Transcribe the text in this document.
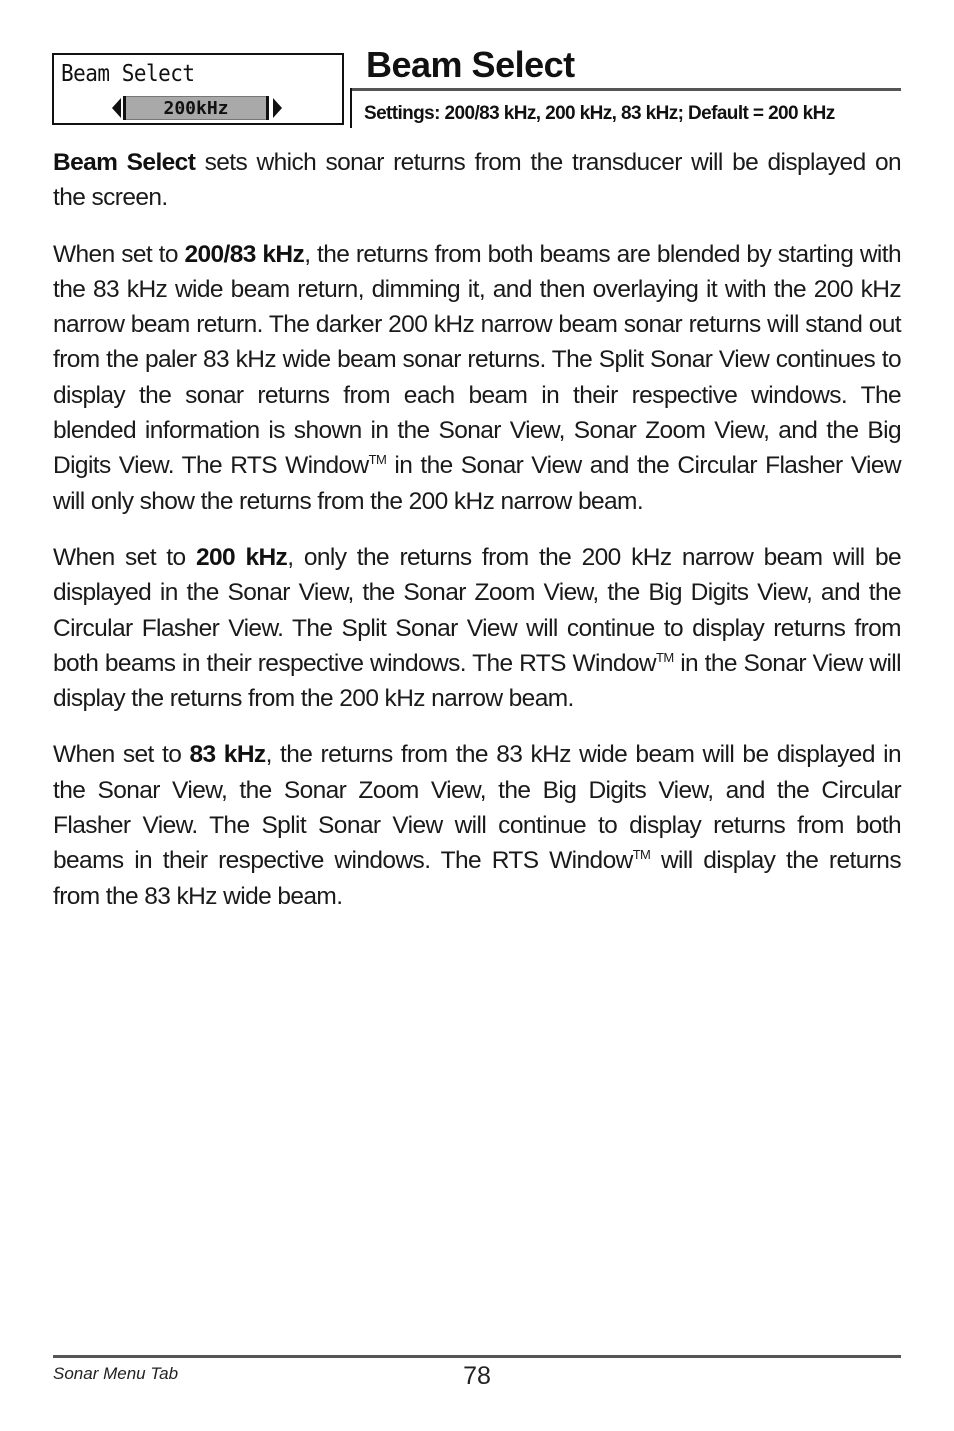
Beam Select
200kHz
Beam Select
Settings: 200/83 kHz, 200 kHz, 83 kHz; Default = 200 kHz

Beam Select sets which sonar returns from the transducer will be displayed on the screen.

When set to 200/83 kHz, the returns from both beams are blended by starting with the 83 kHz wide beam return, dimming it, and then overlaying it with the 200 kHz narrow beam return. The darker 200 kHz narrow beam sonar returns will stand out from the paler 83 kHz wide beam sonar returns. The Split Sonar View continues to display the sonar returns from each beam in their respective windows. The blended information is shown in the Sonar View, Sonar Zoom View, and the Big Digits View. The RTS Window™ in the Sonar View and the Circular Flasher View will only show the returns from the 200 kHz narrow beam.

When set to 200 kHz, only the returns from the 200 kHz narrow beam will be displayed in the Sonar View, the Sonar Zoom View, the Big Digits View, and the Circular Flasher View. The Split Sonar View will continue to display returns from both beams in their respective windows. The RTS Window™ in the Sonar View will display the returns from the 200 kHz narrow beam.

When set to 83 kHz, the returns from the 83 kHz wide beam will be displayed in the Sonar View, the Sonar Zoom View, the Big Digits View, and the Circular Flasher View. The Split Sonar View will continue to display returns from both beams in their respective windows. The RTS Window™ will display the returns from the 83 kHz wide beam.

Sonar Menu Tab	78
